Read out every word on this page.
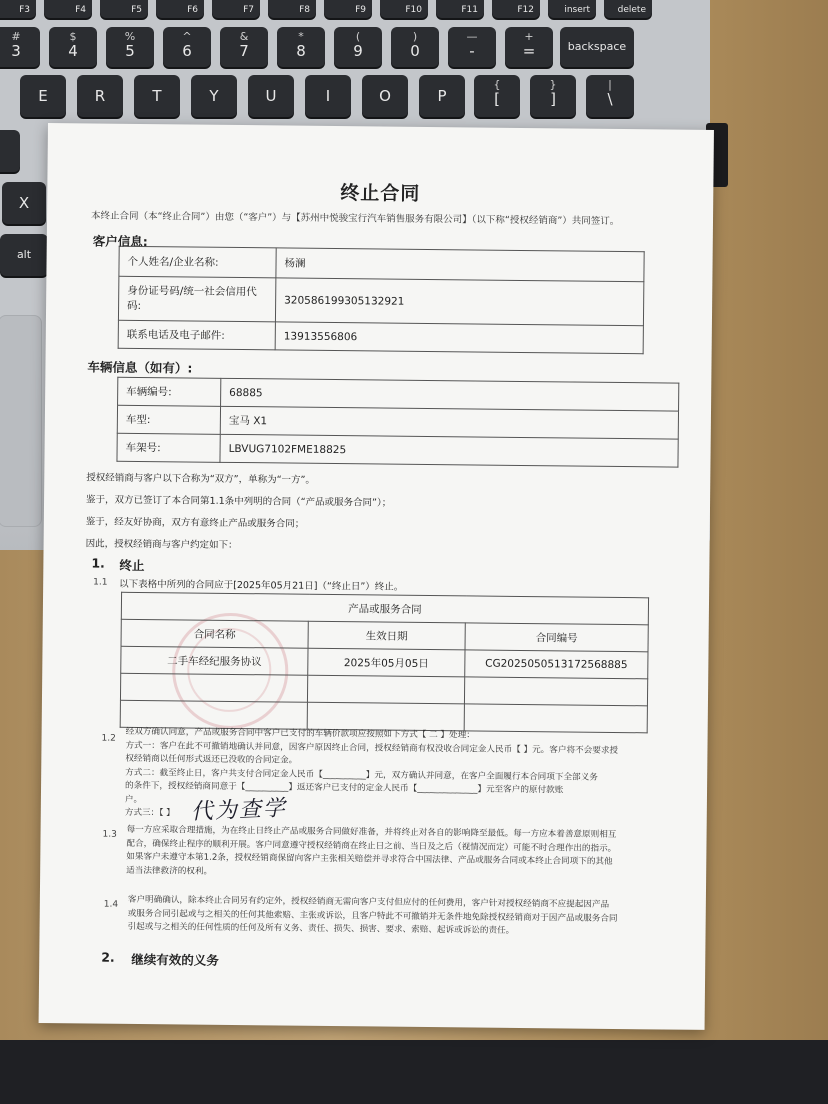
F3	F4	F5	F6	F7	F8	F9	F10	F11	F12	insert	delete
#
3
$
4
%
5
^
6
&
7
*
8
(
9
)
0
—
-
+
=	backspace
E	R	T	Y	U	I	O	P
{
[
}
]
|
\
X
alt
终止合同
本终止合同（本“终止合同”）由您（“客户”）与【苏州中悦骏宝行汽车销售服务有限公司】（以下称“授权经销商”）共同签订。
客户信息:
个人姓名/企业名称:	杨澜
身份证号码/统一社会信用代码:	320586199305132921
联系电话及电子邮件:	13913556806
车辆信息（如有）:
车辆编号:	68885
车型:	宝马 X1
车架号:	LBVUG7102FME18825
授权经销商与客户以下合称为“双方”，单称为“一方”。
鉴于，双方已签订了本合同第1.1条中列明的合同（“产品或服务合同”）；
鉴于，经友好协商，双方有意终止产品或服务合同；
因此，授权经销商与客户约定如下：
1. 终止
1.1 以下表格中所列的合同应于[2025年05月21日]（“终止日”）终止。
产品或服务合同		
合同名称	生效日期	合同编号
二手车经纪服务协议	2025年05月05日	CG20250505131725​68885

1.2 经双方确认同意，产品或服务合同中客户已支付的车辆价款项应按照如下方式【 二 】处理：
方式一：客户在此不可撤销地确认并同意，因客户原因终止合同，授权经销商有权没收合同定金人民币【 】元。客户将不会要求授
权经销商以任何形式返还已没收的合同定金。
方式二：截至终止日，客户共支付合同定金人民币【__________】元，双方确认并同意，在客户全面履行本合同项下全部义务
的条件下，授权经销商同意于【__________】返还客户已支付的定金人民币【______________】元至客户的原付款账
户。
方式三：【 】 代为查学
1.3 每一方应采取合理措施，为在终止日终止产品或服务合同做好准备，并将终止对各自的影响降至最低。每一方应本着善意原则相互
配合，确保终止程序的顺利开展。客户同意遵守授权经销商在终止日之前、当日及之后（视情况而定）可能不时合理作出的指示。
如果客户未遵守本第1.2条，授权经销商保留向客户主张相关赔偿并寻求符合中国法律、产品或服务合同或本终止合同项下的其他
适当法律救济的权利。
1.4 客户明确确认，除本终止合同另有约定外，授权经销商无需向客户支付但应付的任何费用，客户针对授权经销商不应提起因产品
或服务合同引起或与之相关的任何其他索赔、主张或诉讼，且客户特此不可撤销并无条件地免除授权经销商对于因产品或服务合同
引起或与之相关的任何性质的任何及所有义务、责任、损失、损害、要求、索赔、起诉或诉讼的责任。
2. 继续有效的义务
